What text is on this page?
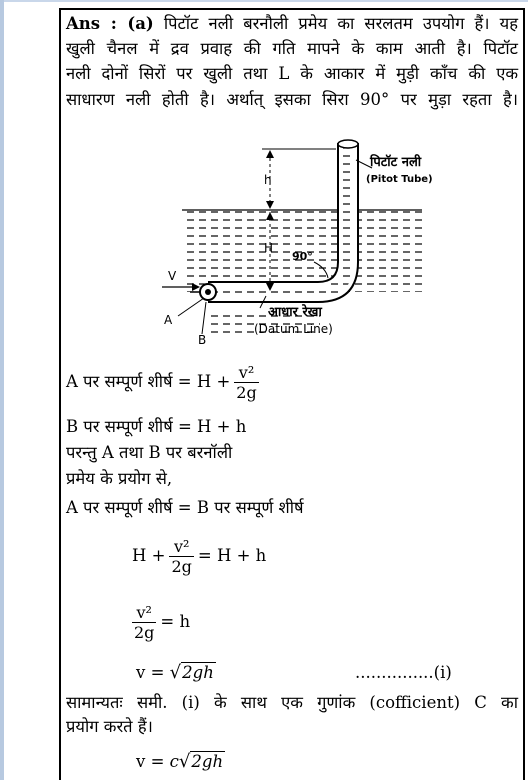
Ans : (a) पिटॉट नली बरनौली प्रमेय का सरलतम उपयोग हैं। यह
खुली चैनल में द्रव प्रवाह की गति मापने के काम आती है। पिटॉट
नली दोनों सिरों पर खुली तथा L के आकार में मुड़ी काँच की एक
साधारण नली होती है। अर्थात् इसका सिरा 90° पर मुड़ा रहता है।
h
H
90°
पिटॉट नली
(Pitot Tube)
V
A
B
आधार रेखा
(Datum Line)
A पर सम्पूर्ण शीर्ष = $H + \frac{\text{v²}}{2g}$
B पर सम्पूर्ण शीर्ष = H + h
परन्तु A तथा B पर बरनॉली
प्रमेय के प्रयोग से,
A पर सम्पूर्ण शीर्ष = B पर सम्पूर्ण शीर्ष
$H + \frac{\text{v²}}{2g} = H + h$
$\frac{\text{v²}}{2g} = h$
v = √2gh	...............(i)
सामान्यतः समी. (i) के साथ एक गुणांक (cofficient) C का
प्रयोग करते हैं।
v = c√2gh
